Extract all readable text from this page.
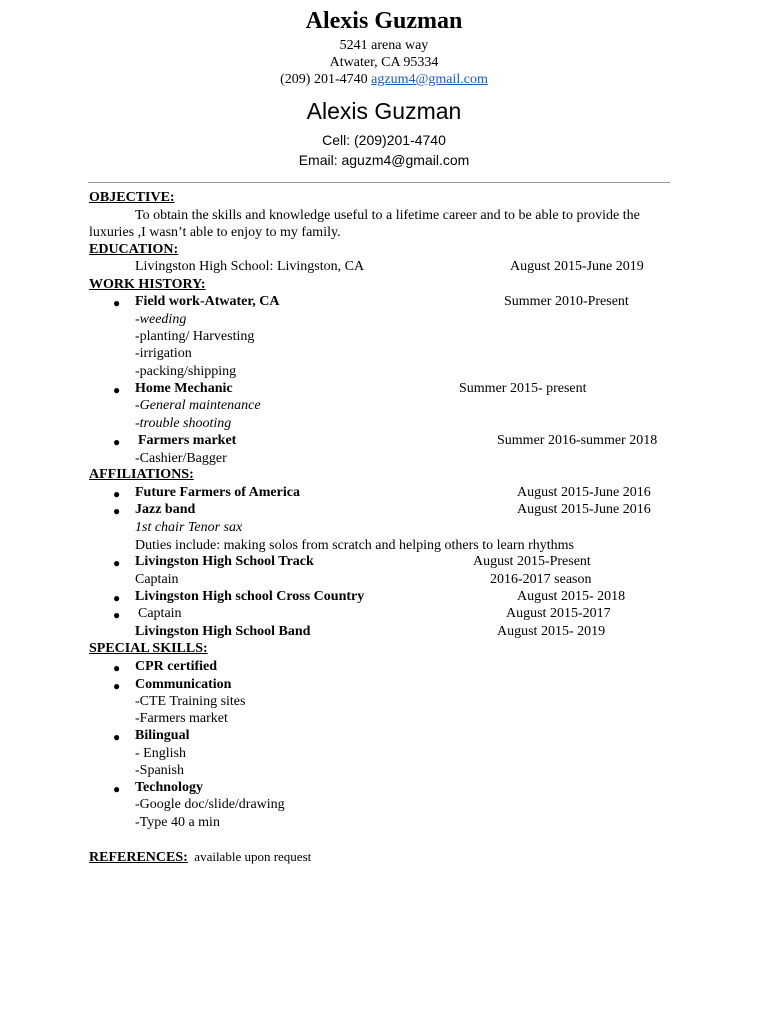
Alexis Guzman
5241 arena way
Atwater, CA 95334
(209) 201-4740 agzum4@gmail.com
Alexis Guzman
Cell: (209)201-4740
Email: aguzm4@gmail.com
OBJECTIVE:
To obtain the skills and knowledge useful to a lifetime career and to be able to provide the
luxuries ,I wasn’t able to enjoy to my family.
EDUCATION:
Livingston High School: Livingston, CA	August 2015-June 2019
WORK HISTORY:
● Field work-Atwater, CA	Summer 2010-Present
-weeding
-planting/ Harvesting
-irrigation
-packing/shipping
● Home Mechanic	Summer 2015- present
-General maintenance
-trouble shooting
● Farmers market	Summer 2016-summer 2018
-Cashier/Bagger
AFFILIATIONS:
● Future Farmers of America	August 2015-June 2016
● Jazz band	August 2015-June 2016
1st chair Tenor sax
Duties include: making solos from scratch and helping others to learn rhythms
● Livingston High School Track	August 2015-Present
Captain	2016-2017 season
● Livingston High school Cross Country	August 2015- 2018
● Captain	August 2015-2017
Livingston High School Band	August 2015- 2019
SPECIAL SKILLS:
● CPR certified
● Communication
-CTE Training sites
-Farmers market
● Bilingual
- English
-Spanish
● Technology
-Google doc/slide/drawing
-Type 40 a min
REFERENCES: available upon request
